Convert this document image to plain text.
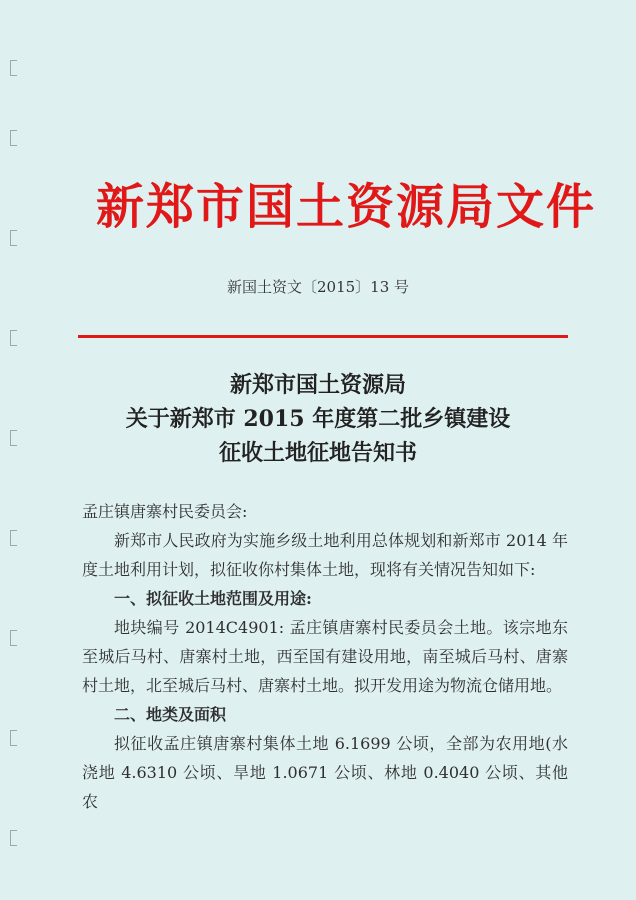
新郑市国土资源局文件
新国土资文〔2015〕13 号
新郑市国土资源局
关于新郑市 2015 年度第二批乡镇建设
征收土地征地告知书

孟庄镇唐寨村民委员会:

新郑市人民政府为实施乡级土地利用总体规划和新郑市 2014 年度土地利用计划，拟征收你村集体土地，现将有关情况告知如下:

一、拟征收土地范围及用途:

地块编号 2014C4901: 孟庄镇唐寨村民委员会土地。该宗地东至城后马村、唐寨村土地，西至国有建设用地，南至城后马村、唐寨村土地，北至城后马村、唐寨村土地。拟开发用途为物流仓储用地。

二、地类及面积

拟征收孟庄镇唐寨村集体土地 6.1699 公顷，全部为农用地(水浇地 4.6310 公顷、旱地 1.0671 公顷、林地 0.4040 公顷、其他农
